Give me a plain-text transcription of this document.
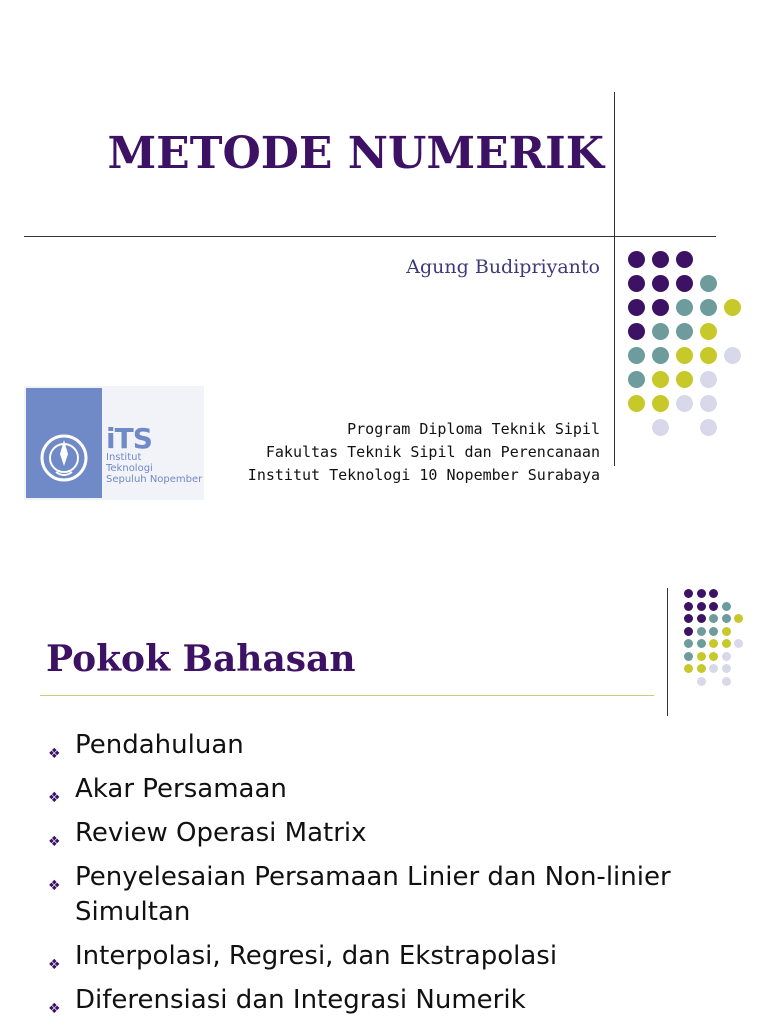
METODE NUMERIK
Agung Budipriyanto
iTS
Institut
Teknologi
Sepuluh Nopember
Program Diploma Teknik Sipil
Fakultas Teknik Sipil dan Perencanaan
Institut Teknologi 10 Nopember Surabaya
Pokok Bahasan
❖ Pendahuluan
❖ Akar Persamaan
❖ Review Operasi Matrix
❖ Penyelesaian Persamaan Linier dan Non-linier Simultan
❖ Interpolasi, Regresi, dan Ekstrapolasi
❖ Diferensiasi dan Integrasi Numerik
